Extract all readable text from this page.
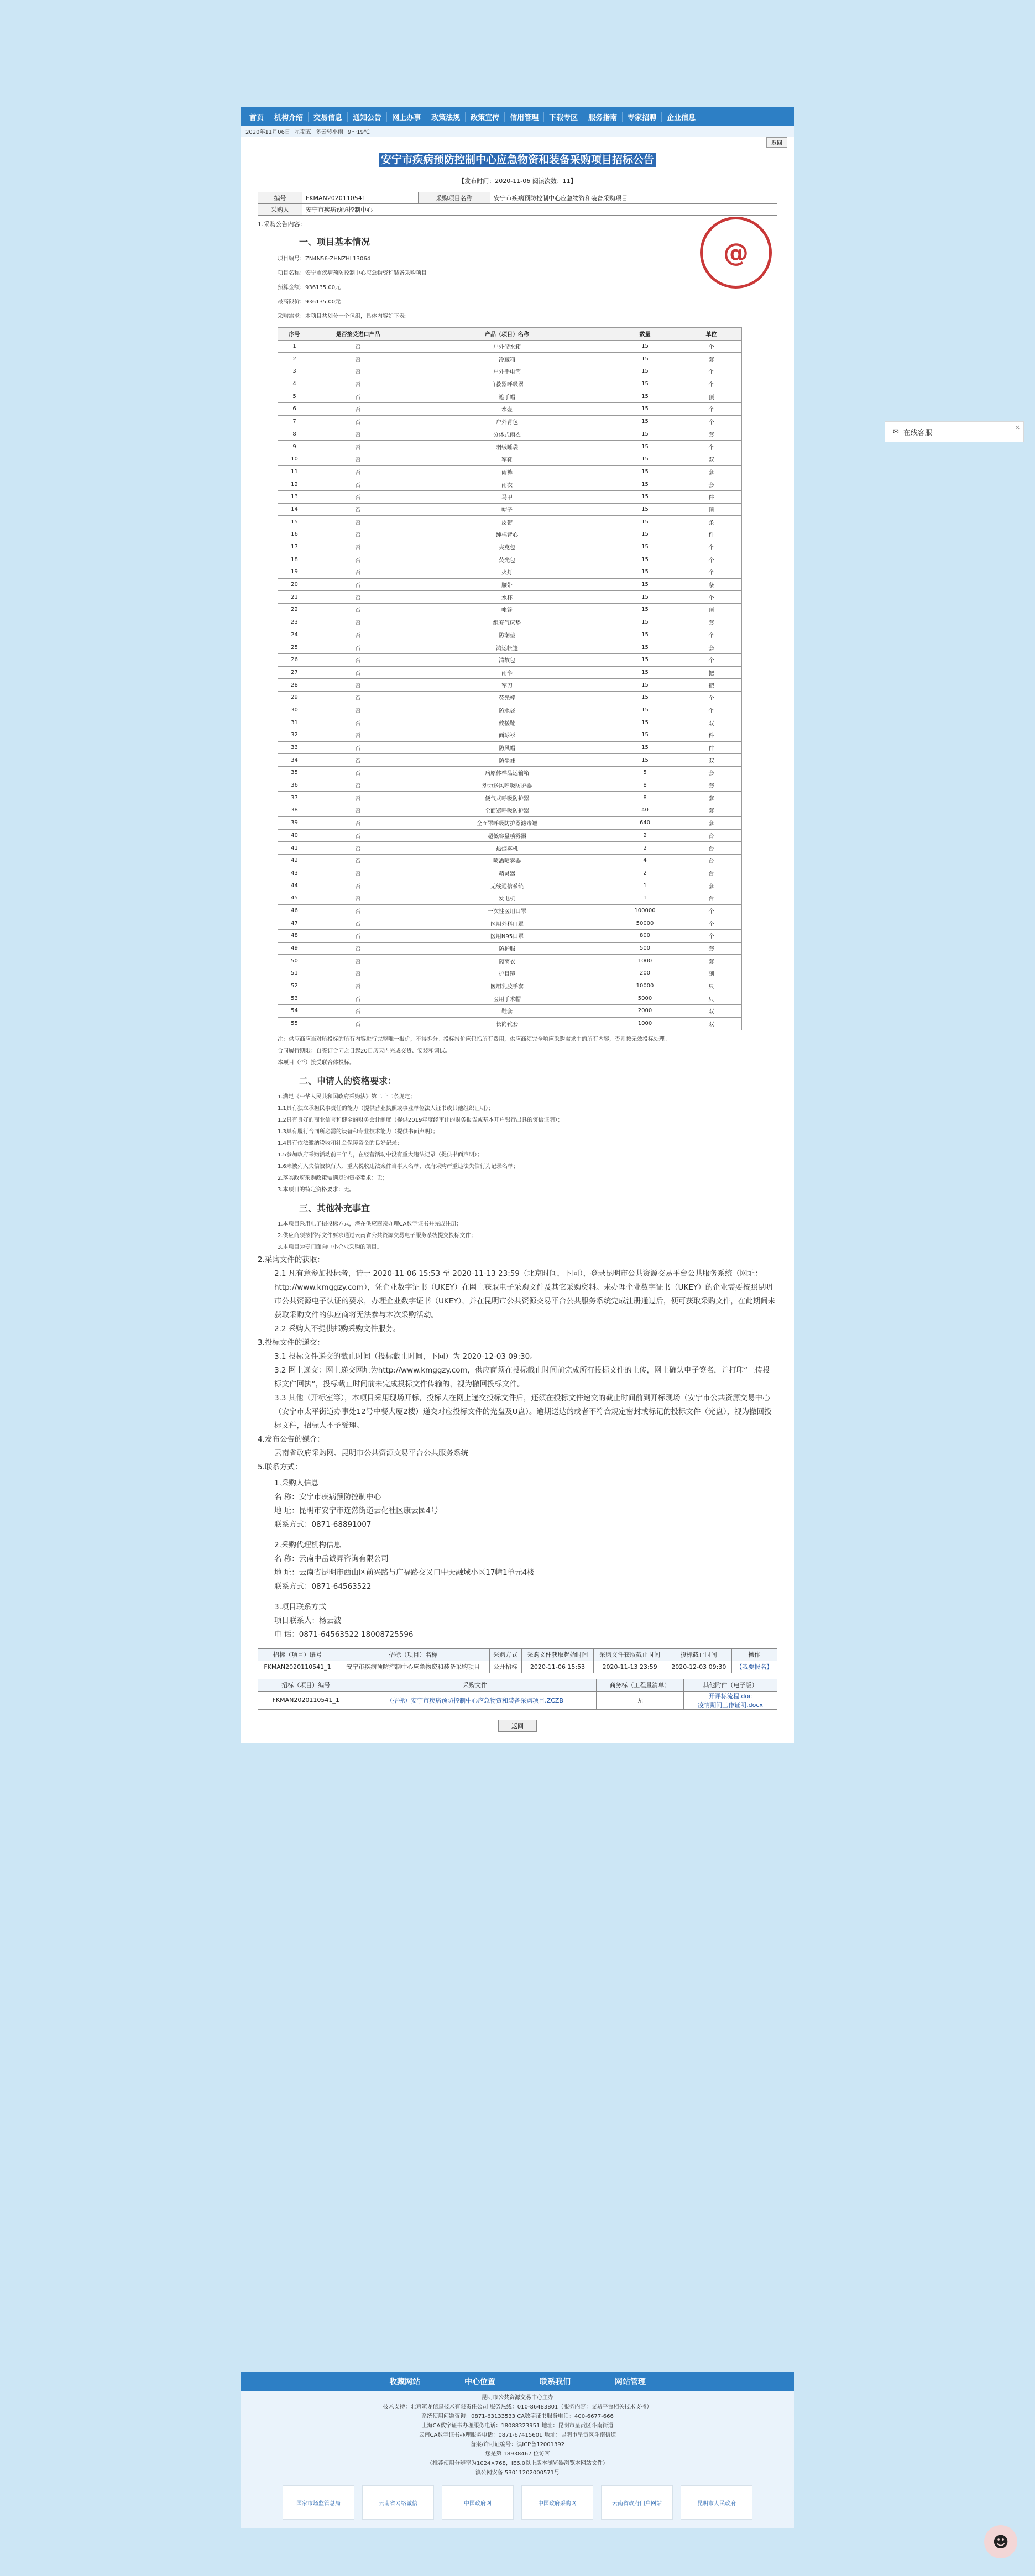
首页	机构介绍	交易信息	通知公告	网上办事	政策法规	政策宣传	信用管理	下载专区	服务指南	专家招聘	企业信息
2020年11月06日 星期五 多云转小雨 9～19℃
返回
安宁市疾病预防控制中心应急物资和装备采购项目招标公告
【发布时间：2020-11-06 阅读次数：11】
@
编号	FKMAN2020110541	采购项目名称	安宁市疾病预防控制中心应急物资和装备采购项目
采购人	安宁市疾病预防控制中心		
1.采购公告内容：
一、项目基本情况
项目编号：ZN4N56-ZHNZHL13064
项目名称：安宁市疾病预防控制中心应急物资和装备采购项目
预算金额：936135.00元
最高限价：936135.00元
采购需求：本项目共划分一个包组，具体内容如下表：
序号	是否接受进口产品	产品（项目）名称	数量	单位
1	否	户外储水箱	15	个
2	否	冷藏箱	15	套
3	否	户外手电筒	15	个
4	否	自救器呼吸器	15	个
5	否	遮手帽	15	顶
6	否	水壶	15	个
7	否	户外背包	15	个
8	否	分体式雨衣	15	套
9	否	羽绒睡袋	15	个
10	否	军鞋	15	双
11	否	雨裤	15	套
12	否	雨衣	15	套
13	否	马甲	15	件
14	否	帽子	15	顶
15	否	皮带	15	条
16	否	纯棉背心	15	件
17	否	夹克包	15	个
18	否	荧光包	15	个
19	否	火灯	15	个
20	否	腰带	15	条
21	否	水杯	15	个
22	否	帐篷	15	顶
23	否	组充气床垫	15	套
24	否	防潮垫	15	个
25	否	鸿运帐篷	15	套
26	否	清故包	15	个
27	否	雨伞	15	把
28	否	军刀	15	把
29	否	荧光棒	15	个
30	否	防水袋	15	个
31	否	救援鞋	15	双
32	否	面球衫	15	件
33	否	防风帽	15	件
34	否	防尘袜	15	双
35	否	病原体样品运输箱	5	套
36	否	动力送风呼吸防护器	8	套
37	否	便气式呼吸防护器	8	套
38	否	全面罩呼吸防护器	40	套
39	否	全面罩呼吸防护器滤毒罐	640	套
40	否	超低容量喷雾器	2	台
41	否	热烟雾机	2	台
42	否	喷洒喷雾器	4	台
43	否	精灵器	2	台
44	否	无线通信系统	1	套
45	否	发电机	1	台
46	否	一次性医用口罩	100000	个
47	否	医用外科口罩	50000	个
48	否	医用N95口罩	800	个
49	否	防护服	500	套
50	否	隔离衣	1000	套
51	否	护目镜	200	副
52	否	医用乳胶手套	10000	只
53	否	医用手术帽	5000	只
54	否	鞋套	2000	双
55	否	长筒靴套	1000	双
注：供应商应当对所投标的所有内容进行完整唯一报价，不得拆分。投标报价应包括所有费用，供应商须完全响应采购需求中的所有内容，否则按无效投标处理。
合同履行期限：自签订合同之日起20日历天内完成交货、安装和调试。
本项目（否）接受联合体投标。
二、申请人的资格要求：
1.满足《中华人民共和国政府采购法》第二十二条规定；
1.1具有独立承担民事责任的能力（提供营业执照或事业单位法人证书或其他组织证明）；
1.2具有良好的商业信誉和健全的财务会计制度（提供2019年度经审计的财务报告或基本开户银行出具的资信证明）；
1.3具有履行合同所必需的设备和专业技术能力（提供书面声明）；
1.4具有依法缴纳税收和社会保障资金的良好记录；
1.5参加政府采购活动前三年内，在经营活动中没有重大违法记录（提供书面声明）；
1.6未被列入失信被执行人、重大税收违法案件当事人名单、政府采购严重违法失信行为记录名单；
2.落实政府采购政策需满足的资格要求：无；
3.本项目的特定资格要求：无。
三、其他补充事宜
1.本项目采用电子招投标方式，潜在供应商须办理CA数字证书并完成注册；
2.供应商须按招标文件要求通过云南省公共资源交易电子服务系统提交投标文件；
3.本项目为专门面向中小企业采购的项目。
2.采购文件的获取：
2.1 凡有意参加投标者，请于 2020-11-06 15:53 至 2020-11-13 23:59（北京时间，下同），登录昆明市公共资源交易平台公共服务系统（网址：http://www.kmggzy.com），凭企业数字证书（UKEY）在网上获取电子采购文件及其它采购资料。未办理企业数字证书（UKEY）的企业需要按照昆明市公共资源电子认证的要求，办理企业数字证书（UKEY），并在昆明市公共资源交易平台公共服务系统完成注册通过后，便可获取采购文件，在此期间未获取采购文件的供应商将无法参与本次采购活动。
2.2 采购人不提供邮购采购文件服务。
3.投标文件的递交：
3.1 投标文件递交的截止时间（投标截止时间，下同）为 2020-12-03 09:30。
3.2 网上递交：网上递交网址为http://www.kmggzy.com，供应商须在投标截止时间前完成所有投标文件的上传，网上确认电子签名，并打印“上传投标文件回执”，投标截止时间前未完成投标文件传输的，视为撤回投标文件。
3.3 其他（开标室等），本项目采用现场开标，投标人在网上递交投标文件后，还须在投标文件递交的截止时间前到开标现场（安宁市公共资源交易中心（安宁市太平街道办事处12号中餐大厦2楼）递交对应投标文件的光盘及U盘）。逾期送达的或者不符合规定密封或标记的投标文件（光盘），视为撤回投标文件，招标人不予受理。
4.发布公告的媒介：
云南省政府采购网、昆明市公共资源交易平台公共服务系统
5.联系方式：
1.采购人信息
名 称：安宁市疾病预防控制中心
地 址：昆明市安宁市连然街道云化社区康云园4号
联系方式：0871-68891007
2.采购代理机构信息
名 称：云南中岳诚昇咨询有限公司
地 址：云南省昆明市西山区前兴路与广福路交叉口中天融域小区17幢1单元4楼
联系方式：0871-64563522
3.项目联系方式
项目联系人：杨云波
电 话：0871-64563522 18008725596
招标（项目）编号	招标（项目）名称	采购方式	采购文件获取起始时间	采购文件获取截止时间	投标截止时间	操作
FKMAN2020110541_1	安宁市疾病预防控制中心应急物资和装备采购项目	公开招标	2020-11-06 15:53	2020-11-13 23:59	2020-12-03 09:30	【我要报名】
招标（项目）编号	采购文件	商务标（工程量清单）	其他附件（电子版）
FKMAN2020110541_1	（招标）安宁市疾病预防控制中心应急物资和装备采购项目.ZCZB	无	开评标流程.doc
疫情期间工作证明.docx
返回
收藏网站	中心位置	联系我们	网站管理
昆明市公共资源交易中心主办
技术支持：北京筑龙信息技术有限责任公司 服务热线：010-86483801（服务内容：交易平台相关技术支持）
系统使用问题咨询：0871-63133533 CA数字证书服务电话：400-6677-666
上海CA数字证书办理服务电话：18088323951 地址：昆明市呈贡区斗南街道
云南CA数字证书办理服务电话：0871-67415601 地址：昆明市呈贡区斗南街道
备案/许可证编号：滇ICP备12001392
您是第 18938467 位访客
（推荐使用分辨率为1024×768，IE6.0以上版本浏览器浏览本网站文件）
滇公网安备 53011202000571号
国家市场监管总局	云南省网络诚信	中国政府网	中国政府采购网	云南省政府门户网站	昆明市人民政府
✉ 在线客服
✕
☻
